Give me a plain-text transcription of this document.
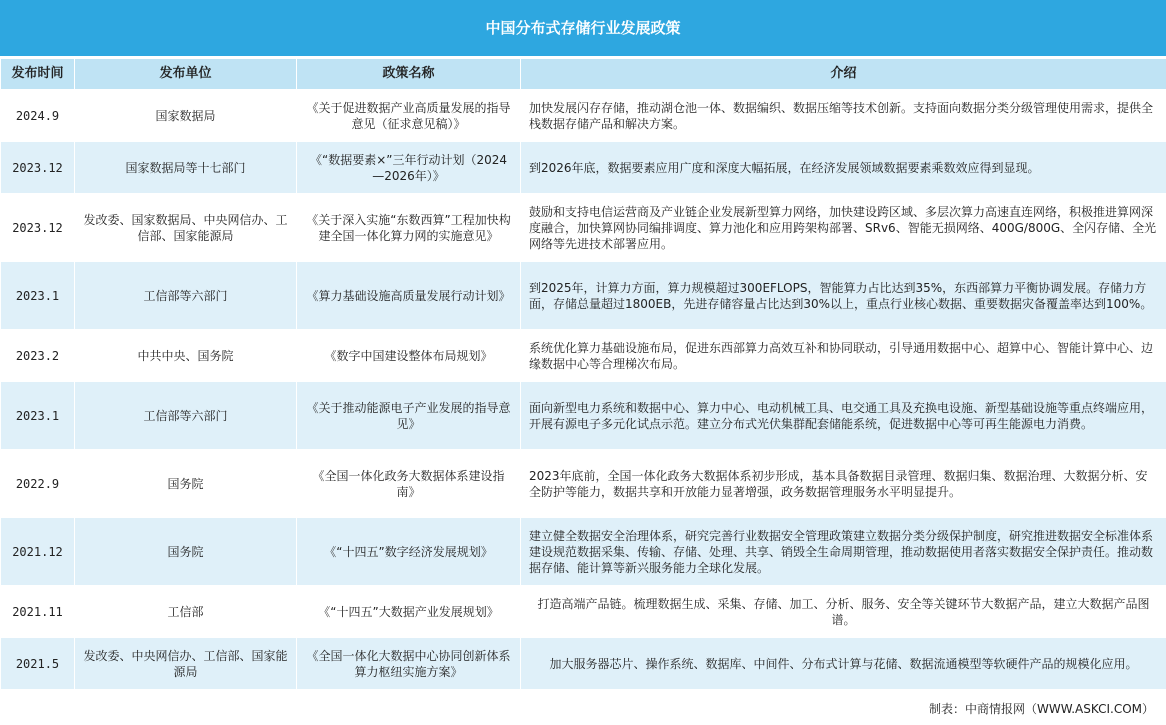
中国分布式存储行业发展政策
发布时间	发布单位	政策名称	介绍
2024.9	国家数据局	《关于促进数据产业高质量发展的指导意见（征求意见稿）》	加快发展闪存存储，推动湖仓池一体、数据编织、数据压缩等技术创新。支持面向数据分类分级管理使用需求，提供全栈数据存储产品和解决方案。
2023.12	国家数据局等十七部门	《“数据要素×”三年行动计划（2024—2026年）》	到2026年底，数据要素应用广度和深度大幅拓展，在经济发展领域数据要素乘数效应得到显现。
2023.12	发改委、国家数据局、中央网信办、工信部、国家能源局	《关于深入实施“东数西算”工程加快构建全国一体化算力网的实施意见》	鼓励和支持电信运营商及产业链企业发展新型算力网络，加快建设跨区域、多层次算力高速直连网络，积极推进算网深度融合，加快算网协同编排调度、算力池化和应用跨架构部署、SRv6、智能无损网络、400G/800G、全闪存储、全光网络等先进技术部署应用。
2023.1	工信部等六部门	《算力基础设施高质量发展行动计划》	到2025年，计算力方面，算力规模超过300EFLOPS，智能算力占比达到35%，东西部算力平衡协调发展。存储力方面，存储总量超过1800EB，先进存储容量占比达到30%以上，重点行业核心数据、重要数据灾备覆盖率达到100%。
2023.2	中共中央、国务院	《数字中国建设整体布局规划》	系统优化算力基础设施布局，促进东西部算力高效互补和协同联动，引导通用数据中心、超算中心、智能计算中心、边缘数据中心等合理梯次布局。
2023.1	工信部等六部门	《关于推动能源电子产业发展的指导意见》	面向新型电力系统和数据中心、算力中心、电动机械工具、电交通工具及充换电设施、新型基础设施等重点终端应用，开展有源电子多元化试点示范。建立分布式光伏集群配套储能系统，促进数据中心等可再生能源电力消费。
2022.9	国务院	《全国一体化政务大数据体系建设指南》	2023年底前，全国一体化政务大数据体系初步形成，基本具备数据目录管理、数据归集、数据治理、大数据分析、安全防护等能力，数据共享和开放能力显著增强，政务数据管理服务水平明显提升。
2021.12	国务院	《“十四五”数字经济发展规划》	建立健全数据安全治理体系，研究完善行业数据安全管理政策建立数据分类分级保护制度，研究推进数据安全标准体系建设规范数据采集、传输、存储、处理、共享、销毁全生命周期管理，推动数据使用者落实数据安全保护责任。推动数据存储、能计算等新兴服务能力全球化发展。
2021.11	工信部	《“十四五”大数据产业发展规划》	打造高端产品链。梳理数据生成、采集、存储、加工、分析、服务、安全等关键环节大数据产品，建立大数据产品图谱。
2021.5	发改委、中央网信办、工信部、国家能源局	《全国一体化大数据中心协同创新体系算力枢纽实施方案》	加大服务器芯片、操作系统、数据库、中间件、分布式计算与花储、数据流通模型等软硬件产品的规模化应用。
制表：中商情报网（WWW.ASKCI.COM）
